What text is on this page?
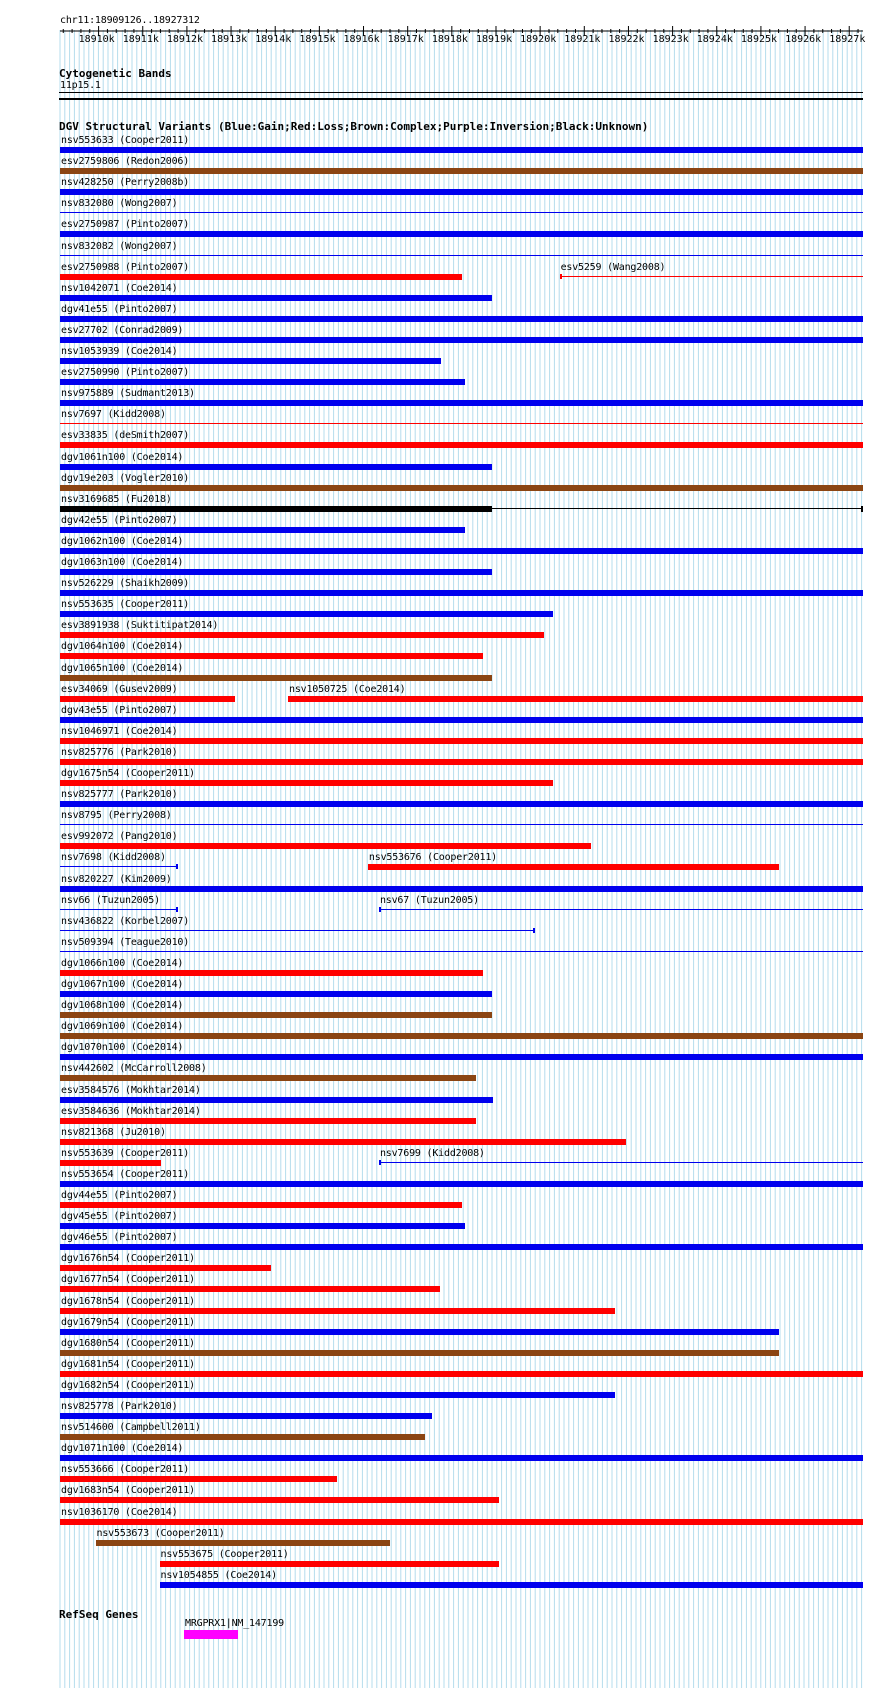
chr11:18909126..18927312
18910k 18911k 18912k 18913k 18914k 18915k 18916k 18917k 18918k 18919k 18920k 18921k 18922k 18923k 18924k 18925k 18926k 18927k
Cytogenetic Bands
11p15.1
DGV Structural Variants (Blue:Gain;Red:Loss;Brown:Complex;Purple:Inversion;Black:Unknown)
nsv553633 (Cooper2011)
esv2759806 (Redon2006)
nsv428250 (Perry2008b)
nsv832080 (Wong2007)
esv2750987 (Pinto2007)
nsv832082 (Wong2007)
esv2750988 (Pinto2007)	esv5259 (Wang2008)
nsv1042071 (Coe2014)
dgv41e55 (Pinto2007)
esv27702 (Conrad2009)
nsv1053939 (Coe2014)
esv2750990 (Pinto2007)
nsv975889 (Sudmant2013)
nsv7697 (Kidd2008)
esv33835 (deSmith2007)
dgv1061n100 (Coe2014)
dgv19e203 (Vogler2010)
nsv3169685 (Fu2018)
dgv42e55 (Pinto2007)
dgv1062n100 (Coe2014)
dgv1063n100 (Coe2014)
nsv526229 (Shaikh2009)
nsv553635 (Cooper2011)
esv3891938 (Suktitipat2014)
dgv1064n100 (Coe2014)
dgv1065n100 (Coe2014)
esv34069 (Gusev2009)	nsv1050725 (Coe2014)
dgv43e55 (Pinto2007)
nsv1046971 (Coe2014)
nsv825776 (Park2010)
dgv1675n54 (Cooper2011)
nsv825777 (Park2010)
nsv8795 (Perry2008)
esv992072 (Pang2010)
nsv7698 (Kidd2008)	nsv553676 (Cooper2011)
nsv820227 (Kim2009)
nsv66 (Tuzun2005)	nsv67 (Tuzun2005)
nsv436822 (Korbel2007)
nsv509394 (Teague2010)
dgv1066n100 (Coe2014)
dgv1067n100 (Coe2014)
dgv1068n100 (Coe2014)
dgv1069n100 (Coe2014)
dgv1070n100 (Coe2014)
nsv442602 (McCarroll2008)
esv3584576 (Mokhtar2014)
esv3584636 (Mokhtar2014)
nsv821368 (Ju2010)
nsv553639 (Cooper2011)	nsv7699 (Kidd2008)
nsv553654 (Cooper2011)
dgv44e55 (Pinto2007)
dgv45e55 (Pinto2007)
dgv46e55 (Pinto2007)
dgv1676n54 (Cooper2011)
dgv1677n54 (Cooper2011)
dgv1678n54 (Cooper2011)
dgv1679n54 (Cooper2011)
dgv1680n54 (Cooper2011)
dgv1681n54 (Cooper2011)
dgv1682n54 (Cooper2011)
nsv825778 (Park2010)
nsv514600 (Campbell2011)
dgv1071n100 (Coe2014)
nsv553666 (Cooper2011)
dgv1683n54 (Cooper2011)
nsv1036170 (Coe2014)
nsv553673 (Cooper2011)
nsv553675 (Cooper2011)
nsv1054855 (Coe2014)
RefSeq Genes
MRGPRX1|NM_147199
